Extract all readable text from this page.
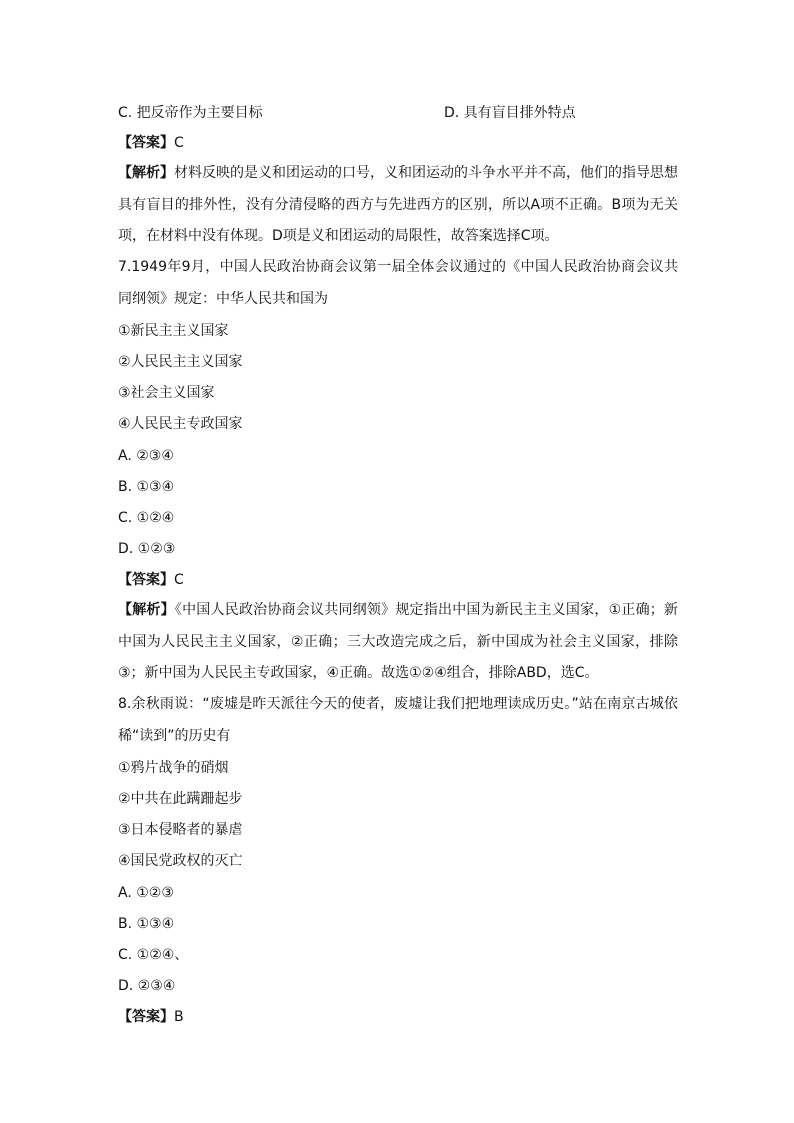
C. 把反帝作为主要目标	D. 具有盲目排外特点
【答案】C
【解析】材料反映的是义和团运动的口号，义和团运动的斗争水平并不高，他们的指导思想具有盲目的排外性，没有分清侵略的西方与先进西方的区别，所以A项不正确。B项为无关项，在材料中没有体现。D项是义和团运动的局限性，故答案选择C项。
7.1949年9月，中国人民政治协商会议第一届全体会议通过的《中国人民政治协商会议共同纲领》规定：中华人民共和国为
①新民主主义国家
②人民民主主义国家
③社会主义国家
④人民民主专政国家
A. ②③④
B. ①③④
C. ①②④
D. ①②③
【答案】C
【解析】《中国人民政治协商会议共同纲领》规定指出中国为新民主主义国家，①正确；新中国为人民民主主义国家，②正确；三大改造完成之后，新中国成为社会主义国家，排除③；新中国为人民民主专政国家，④正确。故选①②④组合，排除ABD，选C。
8.余秋雨说：“废墟是昨天派往今天的使者，废墟让我们把地理读成历史。”站在南京古城依稀“读到”的历史有
①鸦片战争的硝烟
②中共在此蹒跚起步
③日本侵略者的暴虐
④国民党政权的灭亡
A. ①②③
B. ①③④
C. ①②④、
D. ②③④
【答案】B
